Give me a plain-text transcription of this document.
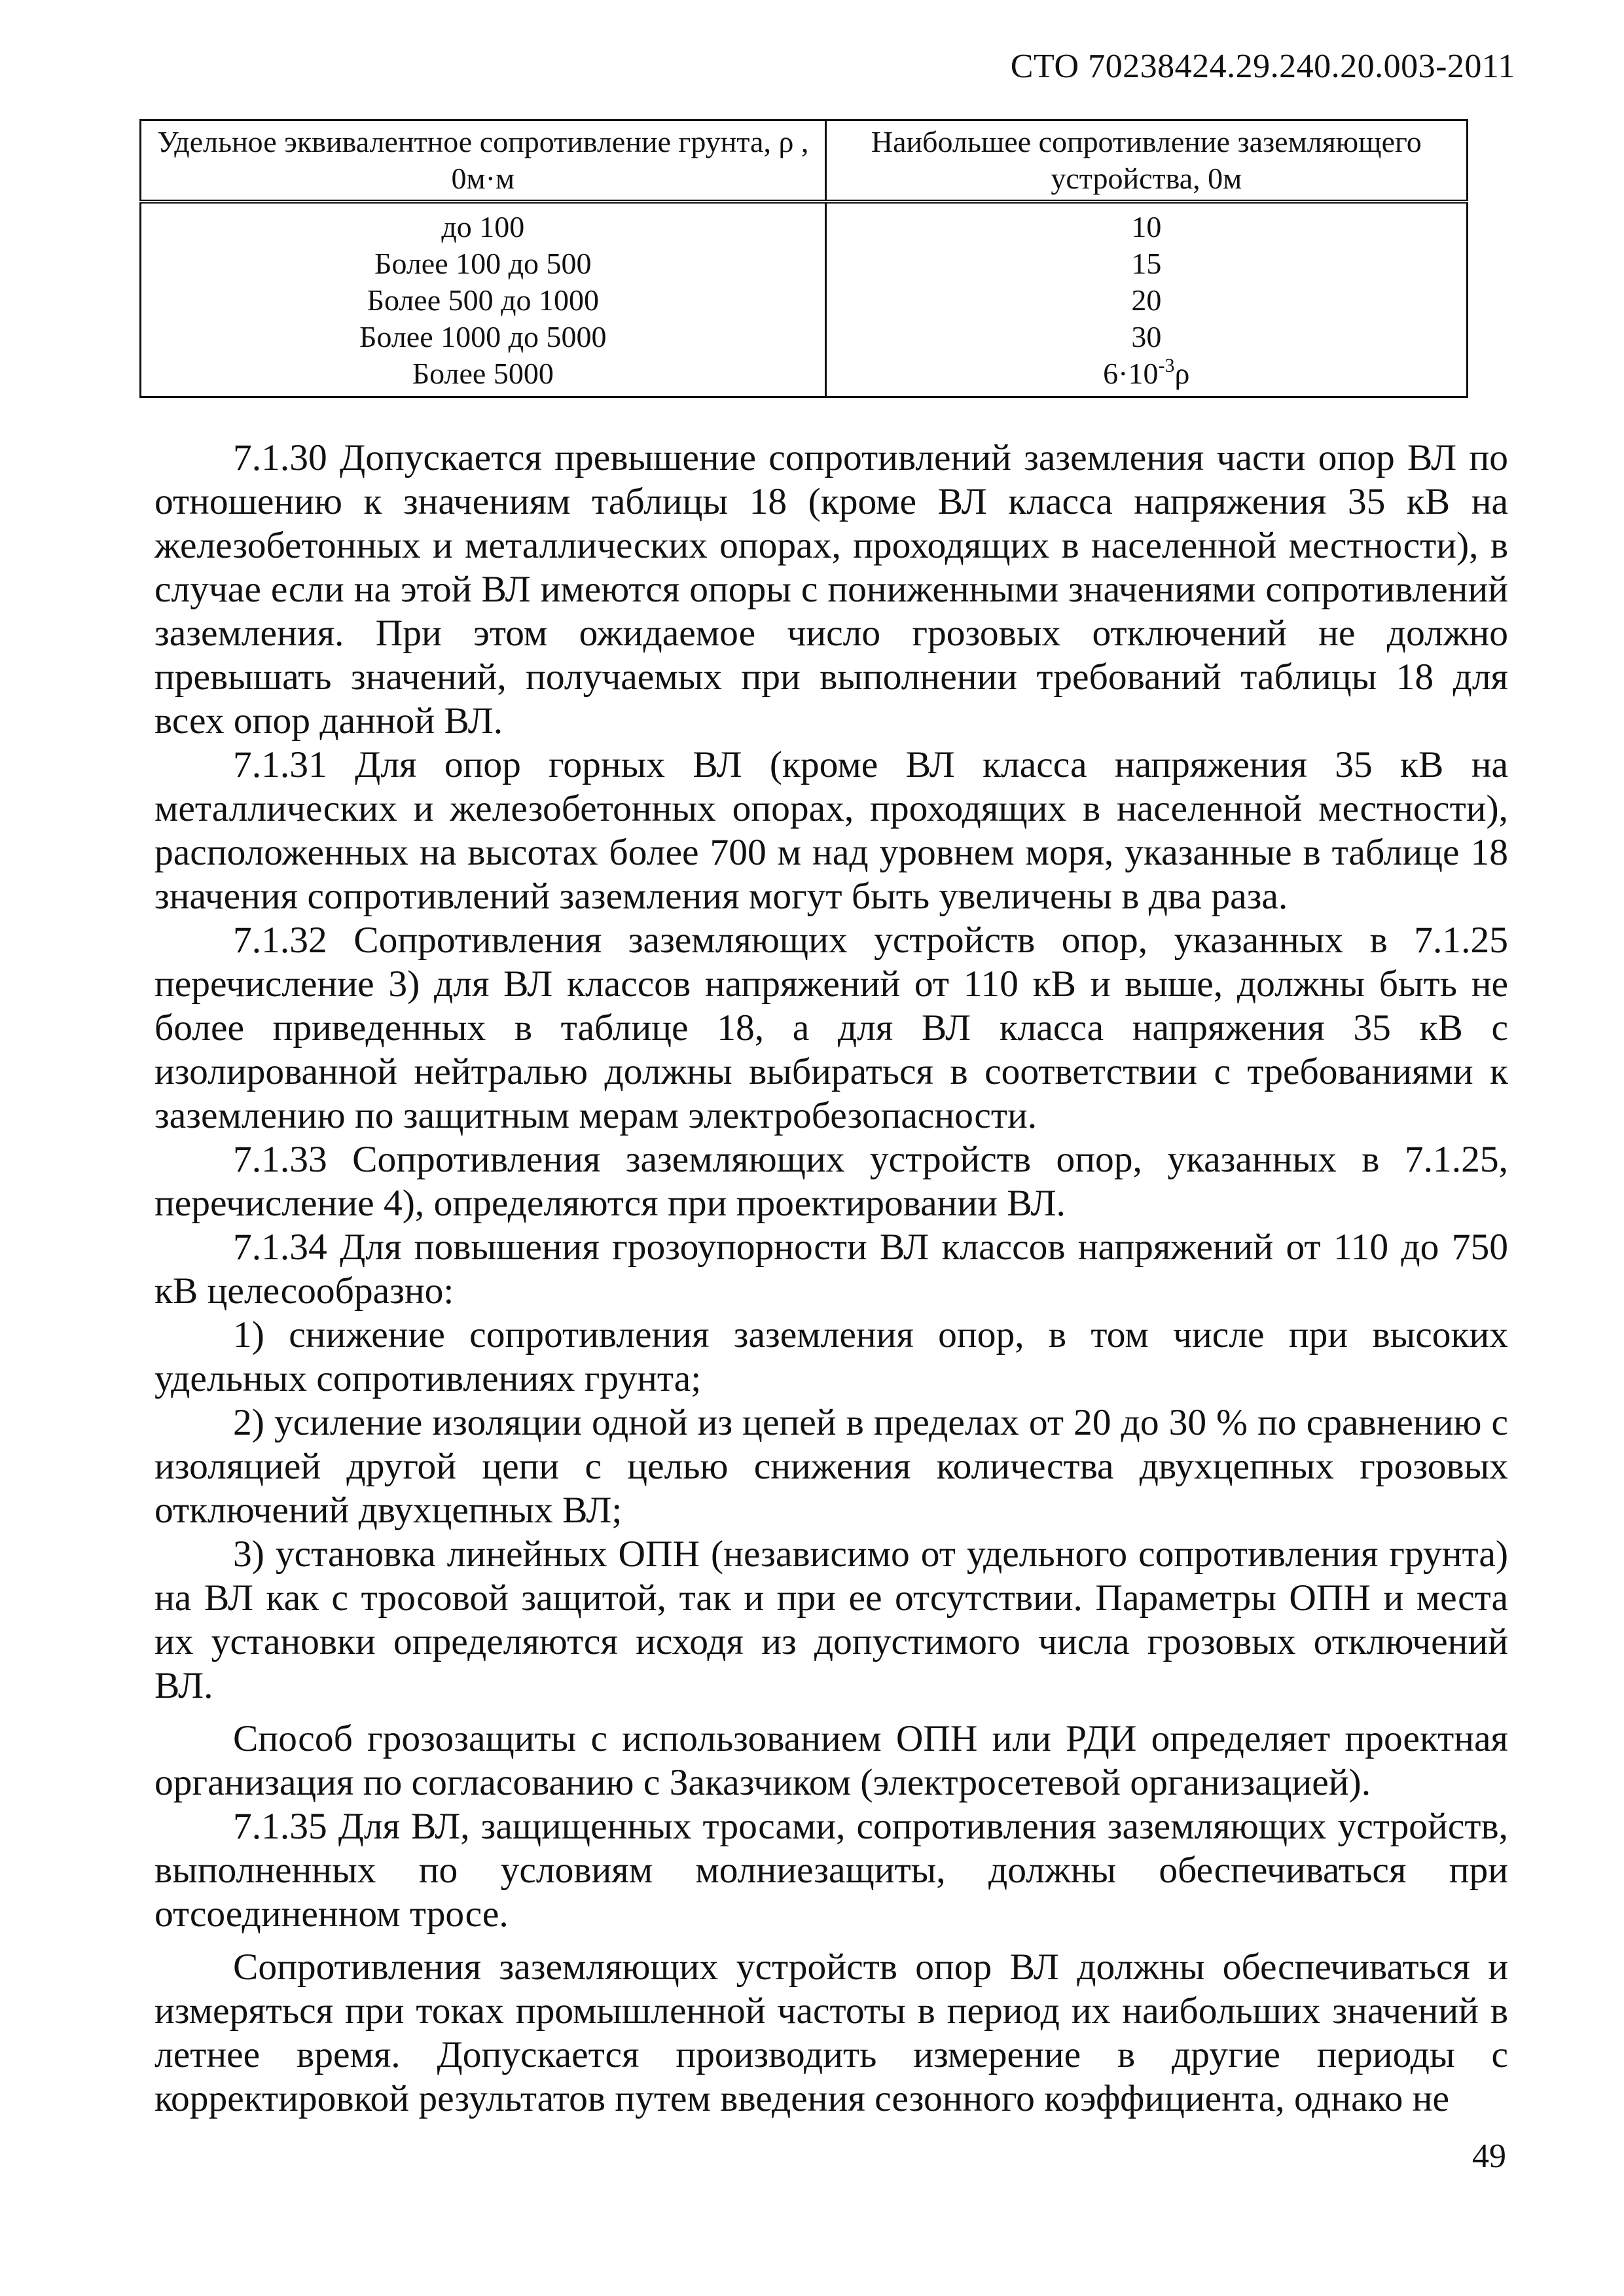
СТО 70238424.29.240.20.003-2011
Удельное эквивалентное сопротивление грунта, ρ , 0м·м	Наибольшее сопротивление заземляющего устройства, 0м
до 100	10
Более 100 до 500	15
Более 500 до 1000	20
Более 1000 до 5000	30
Более 5000	$6\cdot 10^{-3}\rho$

7.1.30 Допускается превышение сопротивлений заземления части опор ВЛ по отношению к значениям таблицы 18 (кроме ВЛ класса напряжения 35 кВ на железобетонных и металлических опорах, проходящих в населенной местности), в случае если на этой ВЛ имеются опоры с пониженными значениями сопротивлений заземления. При этом ожидаемое число грозовых отключений не должно превышать значений, получаемых при выполнении требований таблицы 18 для всех опор данной ВЛ.

7.1.31 Для опор горных ВЛ (кроме ВЛ класса напряжения 35 кВ на металлических и железобетонных опорах, проходящих в населенной местности), расположенных на высотах более 700 м над уровнем моря, указанные в таблице 18 значения сопротивлений заземления могут быть увеличены в два раза.

7.1.32 Сопротивления заземляющих устройств опор, указанных в 7.1.25 перечисление 3) для ВЛ классов напряжений от 110 кВ и выше, должны быть не более приведенных в таблице 18, а для ВЛ класса напряжения 35 кВ с изолированной нейтралью должны выбираться в соответствии с требованиями к заземлению по защитным мерам электробезопасности.

7.1.33 Сопротивления заземляющих устройств опор, указанных в 7.1.25, перечисление 4), определяются при проектировании ВЛ.

7.1.34 Для повышения грозоупорности ВЛ классов напряжений от 110 до 750 кВ целесообразно:

1) снижение сопротивления заземления опор, в том числе при высоких удельных сопротивлениях грунта;

2) усиление изоляции одной из цепей в пределах от 20 до 30 % по сравнению с изоляцией другой цепи с целью снижения количества двухцепных грозовых отключений двухцепных ВЛ;

3) установка линейных ОПН (независимо от удельного сопротивления грунта) на ВЛ как с тросовой защитой, так и при ее отсутствии. Параметры ОПН и места их установки определяются исходя из допустимого числа грозовых отключений ВЛ.

Способ грозозащиты с использованием ОПН или РДИ определяет проектная организация по согласованию с Заказчиком (электросетевой организацией).

7.1.35 Для ВЛ, защищенных тросами, сопротивления заземляющих устройств, выполненных по условиям молниезащиты, должны обеспечиваться при отсоединенном тросе.

Сопротивления заземляющих устройств опор ВЛ должны обеспечиваться и измеряться при токах промышленной частоты в период их наибольших значений в летнее время. Допускается производить измерение в другие периоды с корректировкой результатов путем введения сезонного коэффициента, однако не

49
